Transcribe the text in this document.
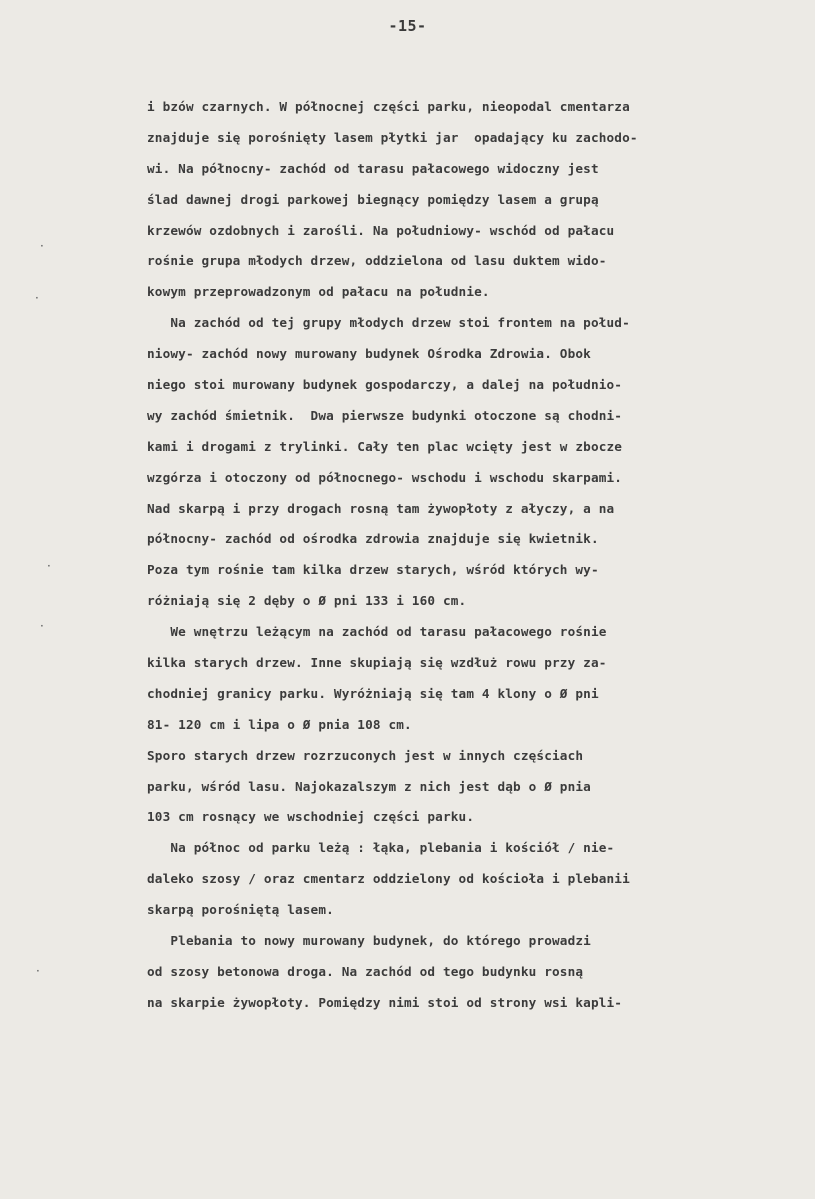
-15-
i bzów czarnych. W północnej części parku, nieopodal cmentarza
znajduje się porośnięty lasem płytki jar  opadający ku zachodo-
wi. Na północny- zachód od tarasu pałacowego widoczny jest
ślad dawnej drogi parkowej biegnący pomiędzy lasem a grupą
krzewów ozdobnych i zarośli. Na południowy- wschód od pałacu
rośnie grupa młodych drzew, oddzielona od lasu duktem wido-
kowym przeprowadzonym od pałacu na południe.
Na zachód od tej grupy młodych drzew stoi frontem na połud-
niowy- zachód nowy murowany budynek Ośrodka Zdrowia. Obok
niego stoi murowany budynek gospodarczy, a dalej na południo-
wy zachód śmietnik.  Dwa pierwsze budynki otoczone są chodni-
kami i drogami z trylinki. Cały ten plac wcięty jest w zbocze
wzgórza i otoczony od północnego- wschodu i wschodu skarpami.
Nad skarpą i przy drogach rosną tam żywopłoty z ałyczy, a na
północny- zachód od ośrodka zdrowia znajduje się kwietnik.
Poza tym rośnie tam kilka drzew starych, wśród których wy-
różniają się 2 dęby o Ø pni 133 i 160 cm.
We wnętrzu leżącym na zachód od tarasu pałacowego rośnie
kilka starych drzew. Inne skupiają się wzdłuż rowu przy za-
chodniej granicy parku. Wyróżniają się tam 4 klony o Ø pni
81- 120 cm i lipa o Ø pnia 108 cm.
Sporo starych drzew rozrzuconych jest w innych częściach
parku, wśród lasu. Najokazalszym z nich jest dąb o Ø pnia
103 cm rosnący we wschodniej części parku.
Na północ od parku leżą : łąka, plebania i kościół / nie-
daleko szosy / oraz cmentarz oddzielony od kościoła i plebanii
skarpą porośniętą lasem.
Plebania to nowy murowany budynek, do którego prowadzi
od szosy betonowa droga. Na zachód od tego budynku rosną
na skarpie żywopłoty. Pomiędzy nimi stoi od strony wsi kapli-
·
·
·
·
·
